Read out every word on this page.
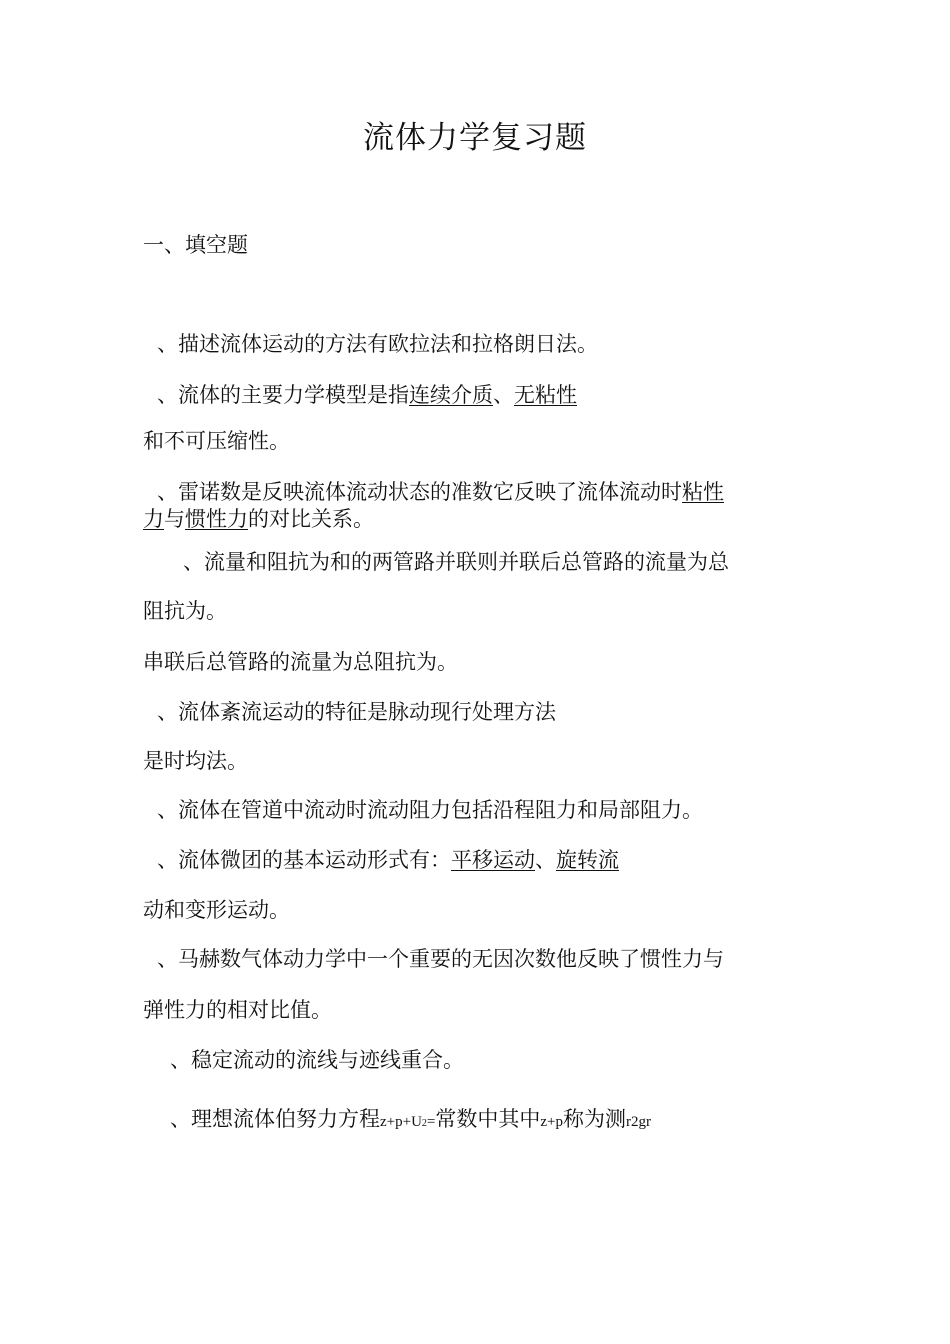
流体力学复习题
一、填空题
、描述流体运动的方法有欧拉法和拉格朗日法。
、流体的主要力学模型是指连续介质、无粘性
和不可压缩性。
、雷诺数是反映流体流动状态的准数它反映了流体流动时粘性
力与惯性力的对比关系。
、流量和阻抗为和的两管路并联则并联后总管路的流量为总
阻抗为。
串联后总管路的流量为总阻抗为。
、流体紊流运动的特征是脉动现行处理方法
是时均法。
、流体在管道中流动时流动阻力包括沿程阻力和局部阻力。
、流体微团的基本运动形式有：平移运动、旋转流
动和变形运动。
、马赫数气体动力学中一个重要的无因次数他反映了惯性力与
弹性力的相对比值。
、稳定流动的流线与迹线重合。
、理想流体伯努力方程z+p+U2=常数中其中z+p称为测r2gr
